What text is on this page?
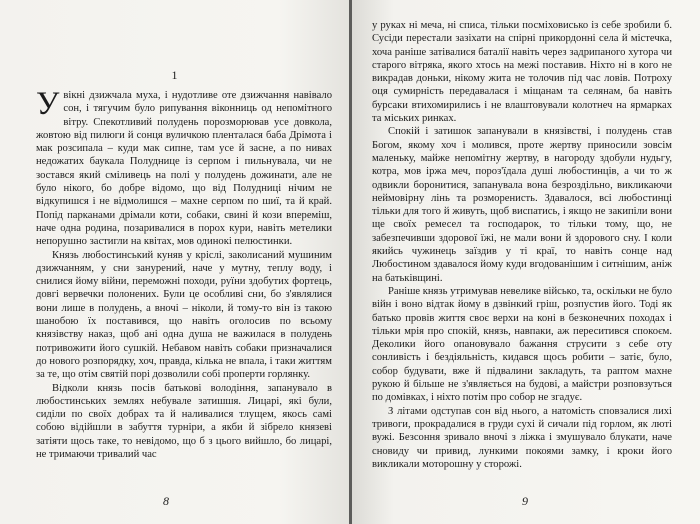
1

Увікні дзижчала муха, і нудотливе оте дзижчання навівало сон, і тягучим було рипування віконниць од непомітного вітру. Спекотливий полудень порозморював усе довкола, жовтою від пилюги й сонця вуличкою пленталася баба Дрімота і мак розсипала – куди мак сипне, там усе й засне, а по нивах недожатих баукала Полуднице із серпом і пильнувала, чи не зостався який сміливець на полі у полудень дожинати, але не було нікого, бо добре відомо, що від Полудниці нічим не відкупишся і не відмолишся – махне серпом по шиї, та й край. Попід парканами дрімали коти, собаки, свині й кози впереміш, наче одна родина, позаривалися в порох кури, навіть метелики непорушно застигли на квітах, мов одинокі пелюстинки.

Князь любостинський куняв у кріслі, заколисаний мушиним дзижчанням, у сни занурений, наче у мутну, теплу воду, і снилися йому війни, переможні походи, руїни здобутих фортець, довгі вервечки полонених. Були це особливі сни, бо з'являлися вони лише в полудень, а вночі – ніколи, й тому-то він із такою шанобою їх поставився, що навіть оголосив по всьому князівству наказ, щоб ані одна душа не важилася в полудень потривожити його сушкій. Небавом навіть собаки призначалися до нового розпорядку, хоч, правда, кілька не впала, і таки життям за те, що отім святій порі дозволили собі проперти горлянку.

Відколи князь посів батькові володіння, запанувало в любостинських землях небувале затишшя. Лицарі, які були, сиділи по своїх добрах та й наливалися тлущем, якось самі собою відійшли в забуття турніри, а якби й зібрело князеві затіяти щось таке, то невідомо, що б з цього вийшло, бо лицарі, не тримаючи тривалий час

8

у руках ні меча, ні списа, тільки посміховисько із себе зробили б. Сусіди перестали зазіхати на спірні прикордонні села й містечка, хоча раніше затівалися баталії навіть через задрипаного хутора чи старого вітряка, якого хтось на межі поставив. Ніхто ні в кого не викрадав доньки, нікому жита не толочив під час ловів. Потроху оця сумирність передавалася і міщанам та селянам, ба навіть бурсаки втихомирились і не влаштовували колотнеч на ярмарках та міських ринках.

Спокій і затишок запанували в князівстві, і полудень став Богом, якому хоч і молився, проте жертву приносили зовсім маленьку, майже непомітну жертву, в нагороду здобули нудьгу, котра, мов іржа меч, пороз'їдала душі любостинців, а чи то ж одвикли боронитися, запанувала вона безроздільно, викликаючи неймовірну лінь та розморенисть. Здавалося, всі любостинці тільки для того й живуть, щоб виспатись, і якщо не закипіли вони ще своїх ремесел та господарок, то тільки тому, що, не забезпечивши здорової їжі, не мали вони й здорового сну. І коли якийсь чужинець заїздив у ті краї, то навіть сонце над Любостином здавалося йому куди вгодованішим і ситнішим, аніж на батьківщині.

Раніше князь утримував невелике військо, та, оскільки не було війн і воно відтак йому в дзвінкий гріш, розпустив його. Тоді як батько провів життя своє верхи на коні в безконечних походах і тільки мрія про спокій, князь, навпаки, аж переситився спокоєм. Деколики його опановувало бажання струсити з себе оту сонливість і бездіяльність, кидався щось робити – затіє, було, собор будувати, вже й підвалини закладуть, та раптом махне рукою й більше не з'являється на будові, а майстри розповзуться по домівках, і ніхто потім про собор не згадує.

З літами одступав сон від нього, а натомість сповзалися лихі тривоги, прокрадалися в груди сухі й сичали під горлом, як люті вужі. Безсоння зривало вночі з ліжка і змушувало блукати, наче сновиду чи привид, лункими покоями замку, і кроки його викликали моторошну у сторожі.

9
